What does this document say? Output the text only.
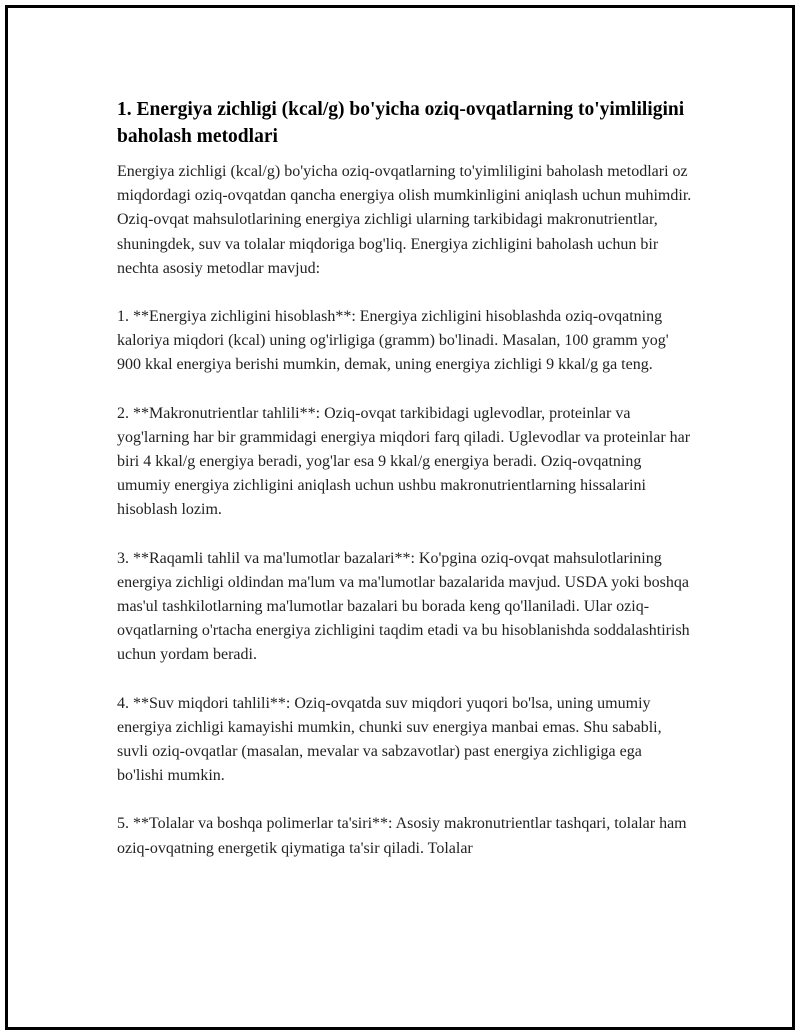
1. Energiya zichligi (kcal/g) bo'yicha oziq-ovqatlarning to'yimliligini baholash metodlari

Energiya zichligi (kcal/g) bo'yicha oziq-ovqatlarning to'yimliligini baholash metodlari oz miqdordagi oziq-ovqatdan qancha energiya olish mumkinligini aniqlash uchun muhimdir. Oziq-ovqat mahsulotlarining energiya zichligi ularning tarkibidagi makronutrientlar, shuningdek, suv va tolalar miqdoriga bog'liq. Energiya zichligini baholash uchun bir nechta asosiy metodlar mavjud:

1. **Energiya zichligini hisoblash**: Energiya zichligini hisoblashda oziq-ovqatning kaloriya miqdori (kcal) uning og'irligiga (gramm) bo'linadi. Masalan, 100 gramm yog' 900 kkal energiya berishi mumkin, demak, uning energiya zichligi 9 kkal/g ga teng.

2. **Makronutrientlar tahlili**: Oziq-ovqat tarkibidagi uglevodlar, proteinlar va yog'larning har bir grammidagi energiya miqdori farq qiladi. Uglevodlar va proteinlar har biri 4 kkal/g energiya beradi, yog'lar esa 9 kkal/g energiya beradi. Oziq-ovqatning umumiy energiya zichligini aniqlash uchun ushbu makronutrientlarning hissalarini hisoblash lozim.

3. **Raqamli tahlil va ma'lumotlar bazalari**: Ko'pgina oziq-ovqat mahsulotlarining energiya zichligi oldindan ma'lum va ma'lumotlar bazalarida mavjud. USDA yoki boshqa mas'ul tashkilotlarning ma'lumotlar bazalari bu borada keng qo'llaniladi. Ular oziq-ovqatlarning o'rtacha energiya zichligini taqdim etadi va bu hisoblanishda soddalashtirish uchun yordam beradi.

4. **Suv miqdori tahlili**: Oziq-ovqatda suv miqdori yuqori bo'lsa, uning umumiy energiya zichligi kamayishi mumkin, chunki suv energiya manbai emas. Shu sababli, suvli oziq-ovqatlar (masalan, mevalar va sabzavotlar) past energiya zichligiga ega bo'lishi mumkin.

5. **Tolalar va boshqa polimerlar ta'siri**: Asosiy makronutrientlar tashqari, tolalar ham oziq-ovqatning energetik qiymatiga ta'sir qiladi. Tolalar
